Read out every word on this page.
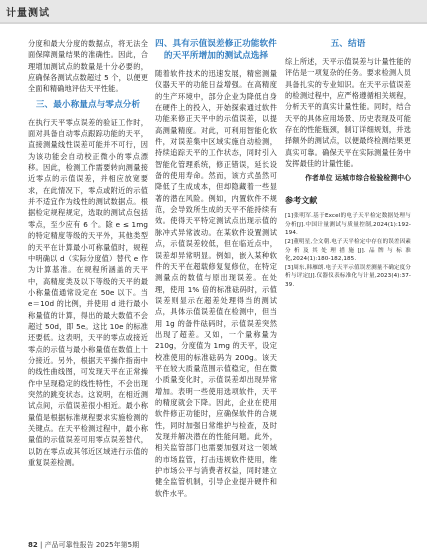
计量测试

分度和最大分度的数据点，将无法全面保障测量结果的准确性。因此，合理增加测试点的数量是十分必要的，应确保各测试点数超过 5 个，以便更全面和精确地评估天平性能。

三、最小称量点与零点分析

在执行天平零点误差的验证工作时，面对具备自动零点跟踪功能的天平，直接测量线性误差可能并不可行，因为该功能会自动校正微小的零点漂移。因此，检测工作需要转向测量接近零点的示值误差，并相应放宽要求，在此情况下，零点或附近的示值并不适宜作为线性的测试数据点。根据检定规程规定，选取的测试点包括零点，至少应有 6 个。除 e ≤ 1mg 的特定精度等级的天平外，其他类型的天平在计算最小可称量值时，规程中明确以 d（实际分度值）替代 e 作为计算基准。在规程所涵盖的天平中，高精度类及以下等级的天平的最小称量值通常设定在 50e 以下。当 e＝10d 的比例，并使用 d 进行最小称量值的计算，得出的最大数值不会超过 50d，即 5e。这比 10e 的标准还要低。这表明，天平的零点或接近零点的示值与最小称量值在数值上十分接近。另外，根据天平操作指南中的线性曲线图，可发现天平在正常操作中呈现稳定的线性特性，不会出现突然的跳变状态。这说明，在相近测试点间，示值误差很小相近。最小称量值是根据标准规程要求实施检测的关键点。在天平检测过程中，最小称量值的示值误差可用零点误差替代，以防在零点或其邻近区域进行示值的重复误差检测。

四、具有示值误差修正功能软件的天平所增加的测试点选择

随着软件技术的迅速发展，精密测量仪器天平的功能日益增强。在高精度的生产环境中，部分企业为降低自身在硬件上的投入，开始探索通过软件功能来修正天平中的示值误差，以提高测量精度。对此，可利用智能化软件，对误差集中区域实施自动检测，持续追踪天平的工作状态，同时引入智能化管理系统，修正错误，延长设备的使用寿命。然而，该方式虽然可降低了生成成本，但却隐藏着一些显著的潜在风险。例如，内置软件不规范，会导致所生成的天平不能持续有效。使得天平特定测试点出现示值的脉冲式异常波动。在某软件设置测试点，示值误差较低，但在临近点中，误差却异常明显。例如，嵌入某种软件的天平在超载修复复修位，在特定测量点的数值与原出现误差。在处理，使用 1% 倍的标准砝码时，示值误差则显示在超差处理得当的测试点，具体示值误差值在检测中，但当用 1g 的备件砝码时，示值误差突然出现了超差。又如，一个量称量为 210g，分度值为 1mg 的天平，设定校准使用的标准砝码为 200g。该天平在较大质量范围示值稳定，但在微小质量变化时，示值误差却出现异常增加。表明一些使用选项软件，天平的精度就会下降。因此，企业在使用软件修正功能时，应确保软件的合规性，同时加强日常维护与检查，及时发现并解决潜在的性能问题。此外，相关监管部门也需要加强对这一领域的市场监管，打击违规软件使用，维护市场公平与消费者权益，同时建立健全监管机制，引导企业提升硬件和软件水平。

五、结语

综上所述，天平示值误差与计量性能的评估是一项复杂的任务。要求检测人员具备扎实的专业知识。在天平示值误差的检测过程中，应严格遵循相关规程，分析天平的真实计量性能。同时，结合天平的具体应用场景、历史表现及可能存在的性能瓶颈，制订详细规划，并选择额外的测试点，以便最终检测结果更真实可靠。确保天平在实际测量任务中发挥最佳的计量性能。

作者单位 运城市综合检验检测中心
参考文献

[1]张明军.基于Excel的电子天平检定数据处理与分析[J].中国计量测试与质量控制,2024(1):192-194.

[2]董明星,仝文朝.电子天平检定中存在的误差因素分析及其处理措施[J].品牌与标准化,2024(1):180-182,185.

[3]周东,韩雁朗.电子天平示值误差测量不确定度分析与评定[J].仪器仪表标准化与计量,2023(4):37-39.

82 | 产品可靠性报告 2025年第5期
